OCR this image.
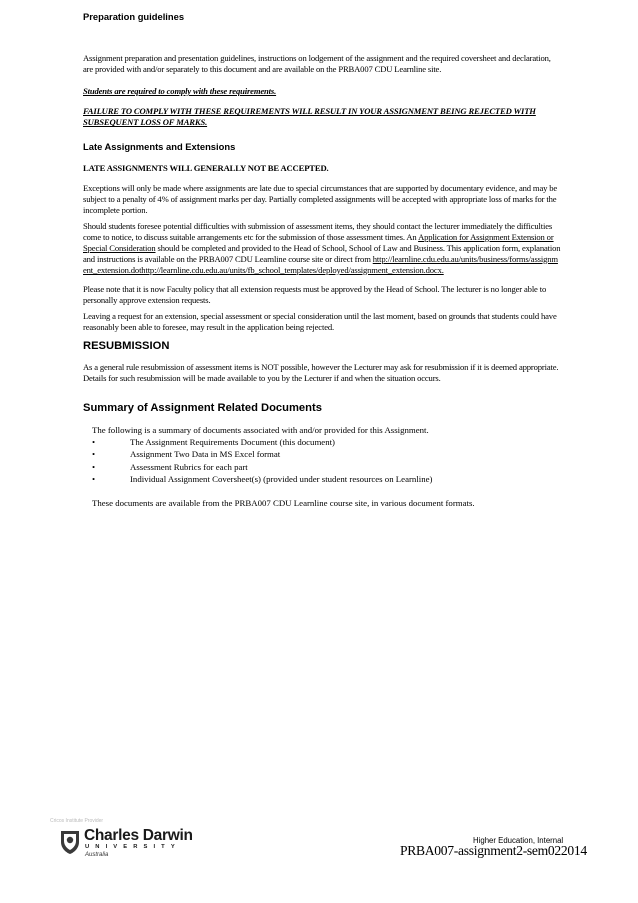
Preparation guidelines

Assignment preparation and presentation guidelines, instructions on lodgement of the assignment and the required coversheet and declaration, are provided with and/or separately to this document and are available on the PRBA007 CDU Learnline site.

Students are required to comply with these requirements.

FAILURE TO COMPLY WITH THESE REQUIREMENTS WILL RESULT IN YOUR ASSIGNMENT BEING REJECTED WITH SUBSEQUENT LOSS OF MARKS.

Late Assignments and Extensions

LATE ASSIGNMENTS WILL GENERALLY NOT BE ACCEPTED.

Exceptions will only be made where assignments are late due to special circumstances that are supported by documentary evidence, and may be subject to a penalty of 4% of assignment marks per day. Partially completed assignments will be accepted with appropriate loss of marks for the incomplete portion.

Should students foresee potential difficulties with submission of assessment items, they should contact the lecturer immediately the difficulties come to notice, to discuss suitable arrangements etc for the submission of those assessment times. An Application for Assignment Extension or Special Consideration should be completed and provided to the Head of School, School of Law and Business. This application form, explanation and instructions is available on the PRBA007 CDU Learnline course site or direct from http://learnline.cdu.edu.au/units/business/forms/assignment_extension.dothttp://learnline.cdu.edu.au/units/fb_school_templates/deployed/assignment_extension.docx.

Please note that it is now Faculty policy that all extension requests must be approved by the Head of School. The lecturer is no longer able to personally approve extension requests.

Leaving a request for an extension, special assessment or special consideration until the last moment, based on grounds that students could have reasonably been able to foresee, may result in the application being rejected.

RESUBMISSION

As a general rule resubmission of assessment items is NOT possible, however the Lecturer may ask for resubmission if it is deemed appropriate. Details for such resubmission will be made available to you by the Lecturer if and when the situation occurs.

Summary of Assignment Related Documents
The following is a summary of documents associated with and/or provided for this Assignment.
•	The Assignment Requirements Document (this document)
•	Assignment Two Data in MS Excel format
•	Assessment Rubrics for each part
•	Individual Assignment Coversheet(s) (provided under student resources on Learnline)
These documents are available from the PRBA007 CDU Learnline course site, in various document formats.
Cricos Institute Provider
Charles Darwin
UNIVERSITY
Australia
Higher Education, Internal
PRBA007-assignment2-sem022014
